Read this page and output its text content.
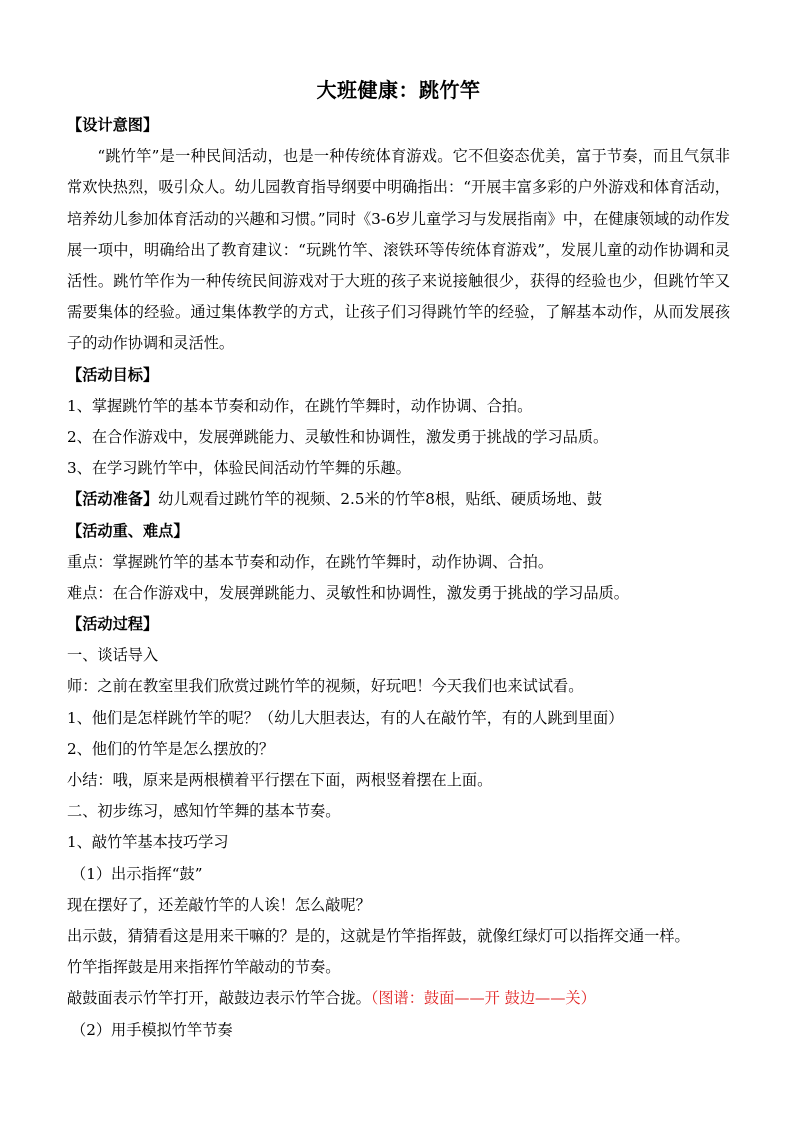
大班健康：跳竹竿
【设计意图】

“跳竹竿”是一种民间活动，也是一种传统体育游戏。它不但姿态优美，富于节奏，而且气氛非常欢快热烈，吸引众人。幼儿园教育指导纲要中明确指出：“开展丰富多彩的户外游戏和体育活动，培养幼儿参加体育活动的兴趣和习惯。”同时《3-6岁儿童学习与发展指南》中，在健康领域的动作发展一项中，明确给出了教育建议：“玩跳竹竿、滚铁环等传统体育游戏”，发展儿童的动作协调和灵活性。跳竹竿作为一种传统民间游戏对于大班的孩子来说接触很少，获得的经验也少，但跳竹竿又需要集体的经验。通过集体教学的方式，让孩子们习得跳竹竿的经验，了解基本动作，从而发展孩子的动作协调和灵活性。

【活动目标】
1、掌握跳竹竿的基本节奏和动作，在跳竹竿舞时，动作协调、合拍。
2、在合作游戏中，发展弹跳能力、灵敏性和协调性，激发勇于挑战的学习品质。
3、在学习跳竹竿中，体验民间活动竹竿舞的乐趣。
【活动准备】幼儿观看过跳竹竿的视频、2.5米的竹竿8根，贴纸、硬质场地、鼓
【活动重、难点】
重点：掌握跳竹竿的基本节奏和动作，在跳竹竿舞时，动作协调、合拍。
难点：在合作游戏中，发展弹跳能力、灵敏性和协调性，激发勇于挑战的学习品质。
【活动过程】
一、谈话导入
师：之前在教室里我们欣赏过跳竹竿的视频，好玩吧！今天我们也来试试看。
1、他们是怎样跳竹竿的呢？（幼儿大胆表达，有的人在敲竹竿，有的人跳到里面）
2、他们的竹竿是怎么摆放的？
小结：哦，原来是两根横着平行摆在下面，两根竖着摆在上面。
二、初步练习，感知竹竿舞的基本节奏。
1、敲竹竿基本技巧学习
（1）出示指挥“鼓”
现在摆好了，还差敲竹竿的人诶！怎么敲呢？
出示鼓，猜猜看这是用来干嘛的？是的，这就是竹竿指挥鼓，就像红绿灯可以指挥交通一样。
竹竿指挥鼓是用来指挥竹竿敲动的节奏。
敲鼓面表示竹竿打开，敲鼓边表示竹竿合拢。（图谱：鼓面——开 鼓边——关）
（2）用手模拟竹竿节奏
